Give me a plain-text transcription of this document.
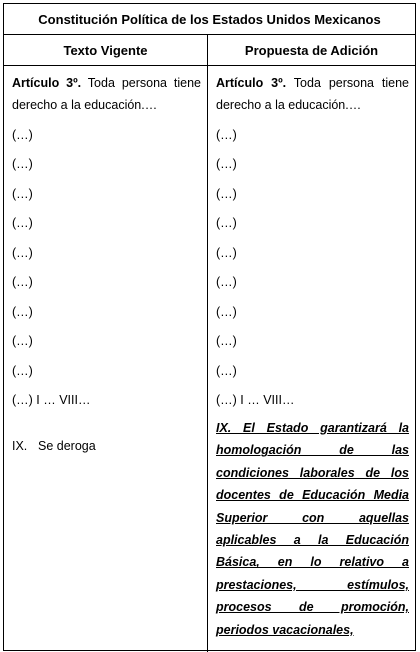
Constitución Política de los Estados Unidos Mexicanos
Texto Vigente	Propuesta de Adición
Artículo 3º. Toda persona tiene derecho a la educación.…
(…)
(…)
(…)
(…)
(…)
(…)
(…)
(…)
(…)
(…) I … VIII…
IX. Se deroga
Artículo 3º. Toda persona tiene derecho a la educación.…
(…)
(…)
(…)
(…)
(…)
(…)
(…)
(…)
(…)
(…) I … VIII…
IX. El Estado garantizará la homologación de las condiciones laborales de los docentes de Educación Media Superior con aquellas aplicables a la Educación Básica, en lo relativo a prestaciones, estímulos, procesos de promoción, periodos vacacionales,
